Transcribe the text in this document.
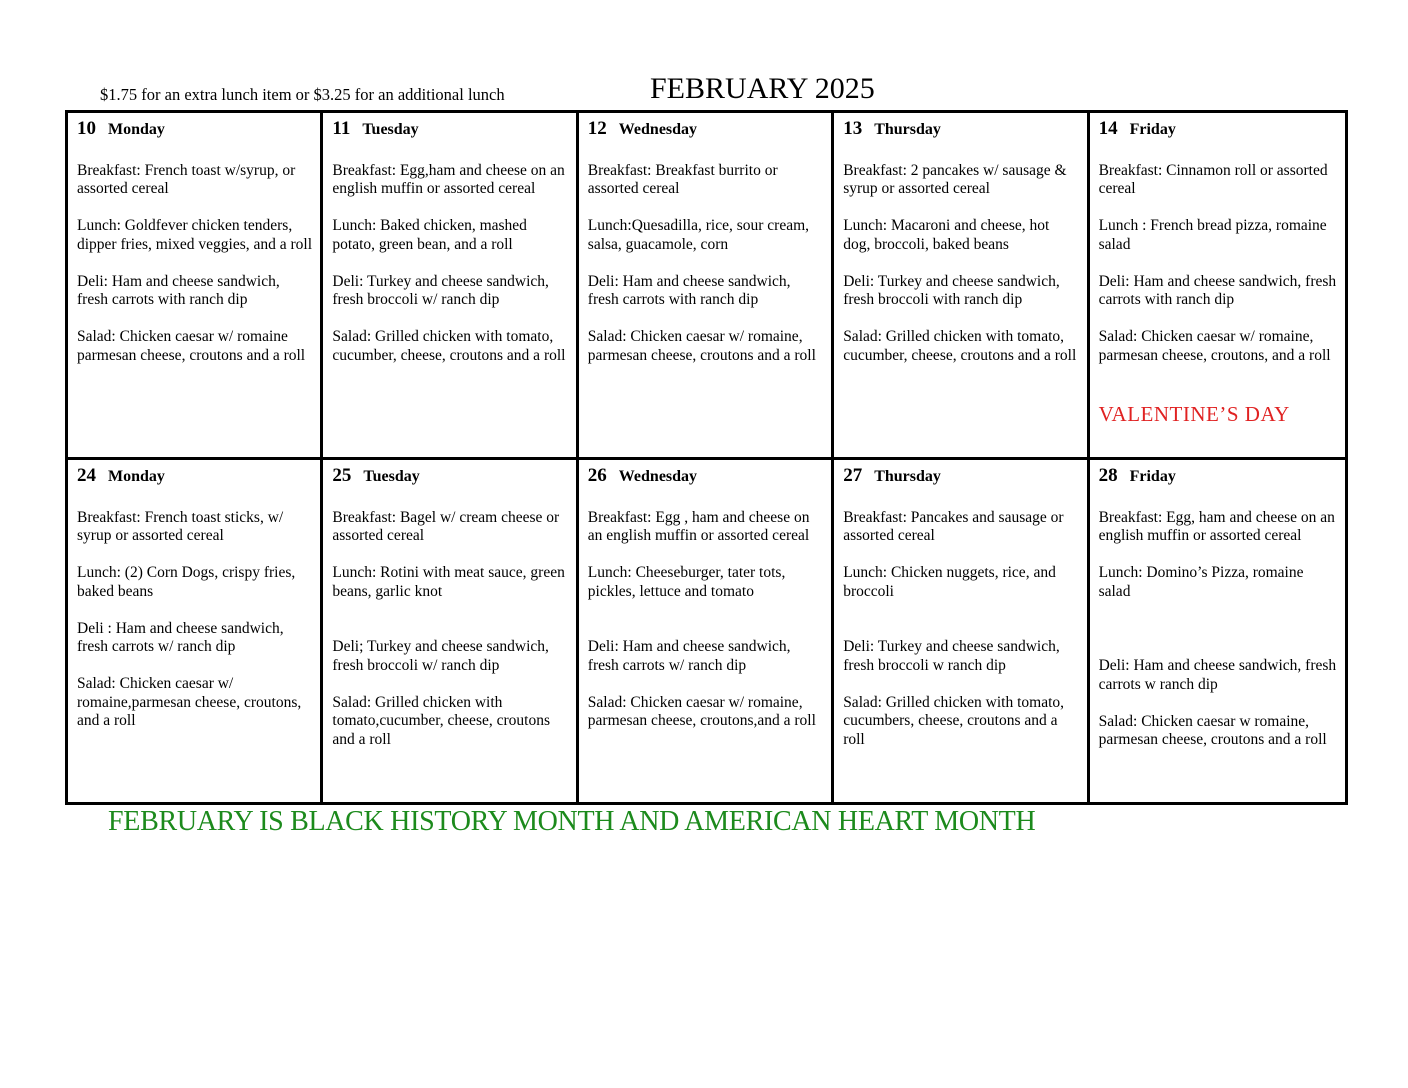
$1.75 for an extra lunch item or $3.25 for an additional lunch	FEBRUARY 2025
10 Monday

Breakfast: French toast w/syrup, or assorted cereal

Lunch: Goldfever chicken tenders, dipper fries, mixed veggies, and a roll

Deli: Ham and cheese sandwich, fresh carrots with ranch dip

Salad: Chicken caesar w/ romaine parmesan cheese, croutons and a roll

11 Tuesday

Breakfast: Egg,ham and cheese on an english muffin or assorted cereal

Lunch: Baked chicken, mashed potato, green bean, and a roll

Deli: Turkey and cheese sandwich, fresh broccoli w/ ranch dip

Salad: Grilled chicken with tomato, cucumber, cheese, croutons and a roll

12 Wednesday

Breakfast: Breakfast burrito or assorted cereal

Lunch:Quesadilla, rice, sour cream, salsa, guacamole, corn

Deli: Ham and cheese sandwich, fresh carrots with ranch dip

Salad: Chicken caesar w/ romaine, parmesan cheese, croutons and a roll

13 Thursday

Breakfast: 2 pancakes w/ sausage & syrup or assorted cereal

Lunch: Macaroni and cheese, hot dog, broccoli, baked beans

Deli: Turkey and cheese sandwich, fresh broccoli with ranch dip

Salad: Grilled chicken with tomato, cucumber, cheese, croutons and a roll

14 Friday

Breakfast: Cinnamon roll or assorted cereal

Lunch : French bread pizza, romaine salad

Deli: Ham and cheese sandwich, fresh carrots with ranch dip

Salad: Chicken caesar w/ romaine, parmesan cheese, croutons, and a roll

VALENTINE’S DAY
24 Monday

Breakfast: French toast sticks, w/ syrup or assorted cereal

Lunch: (2) Corn Dogs, crispy fries, baked beans

Deli : Ham and cheese sandwich, fresh carrots w/ ranch dip

Salad: Chicken caesar w/ romaine,parmesan cheese, croutons, and a roll

25 Tuesday

Breakfast: Bagel w/ cream cheese or assorted cereal

Lunch: Rotini with meat sauce, green beans, garlic knot

Deli; Turkey and cheese sandwich, fresh broccoli w/ ranch dip

Salad: Grilled chicken with tomato,cucumber, cheese, croutons and a roll

26 Wednesday

Breakfast: Egg , ham and cheese on an english muffin or assorted cereal

Lunch: Cheeseburger, tater tots, pickles, lettuce and tomato

Deli: Ham and cheese sandwich, fresh carrots w/ ranch dip

Salad: Chicken caesar w/ romaine, parmesan cheese, croutons,and a roll

27 Thursday

Breakfast: Pancakes and sausage or assorted cereal

Lunch: Chicken nuggets, rice, and broccoli

Deli: Turkey and cheese sandwich, fresh broccoli w ranch dip

Salad: Grilled chicken with tomato, cucumbers, cheese, croutons and a roll

28 Friday

Breakfast: Egg, ham and cheese on an english muffin or assorted cereal

Lunch: Domino’s Pizza, romaine salad

Deli: Ham and cheese sandwich, fresh carrots w ranch dip

Salad: Chicken caesar w romaine, parmesan cheese, croutons and a roll

FEBRUARY IS BLACK HISTORY MONTH AND AMERICAN HEART MONTH
